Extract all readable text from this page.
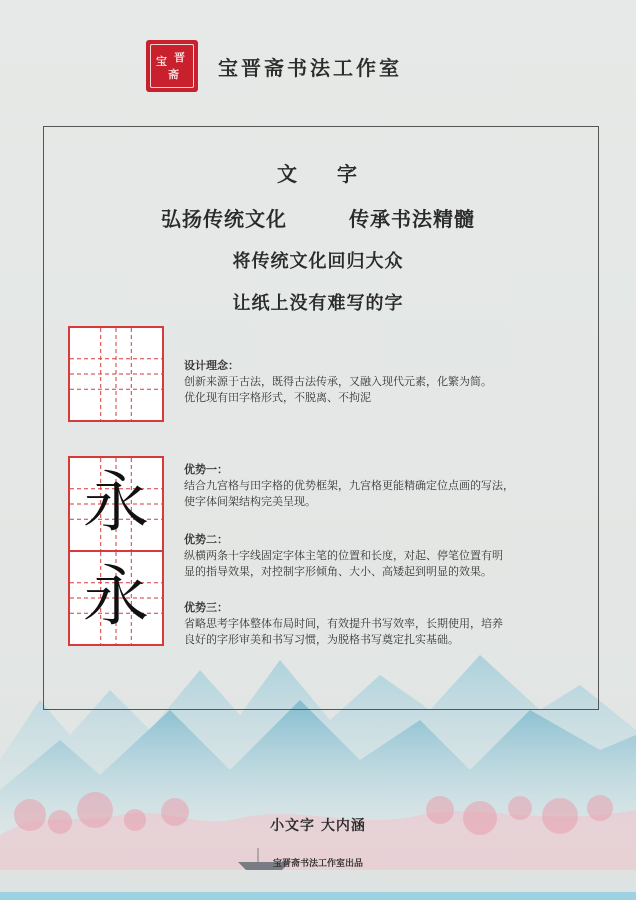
晋
宝
斋 宝晋斋书法工作室
文 字
弘扬传统文化	传承书法精髓
将传统文化回归大众
让纸上没有难写的字
永
永
设计理念：
创新来源于古法，既得古法传承，又融入现代元素，化繁为简。
优化现有田字格形式，不脱离、不拘泥
优势一：
结合九宫格与田字格的优势框架，九宫格更能精确定位点画的写法，
使字体间架结构完美呈现。
优势二：
纵横两条十字线固定字体主笔的位置和长度，对起、停笔位置有明
显的指导效果，对控制字形倾角、大小、高矮起到明显的效果。
优势三：
省略思考字体整体布局时间，有效提升书写效率，长期使用，培养
良好的字形审美和书写习惯，为脱格书写奠定扎实基础。
小文字 大内涵
宝晋斋书法工作室出品
